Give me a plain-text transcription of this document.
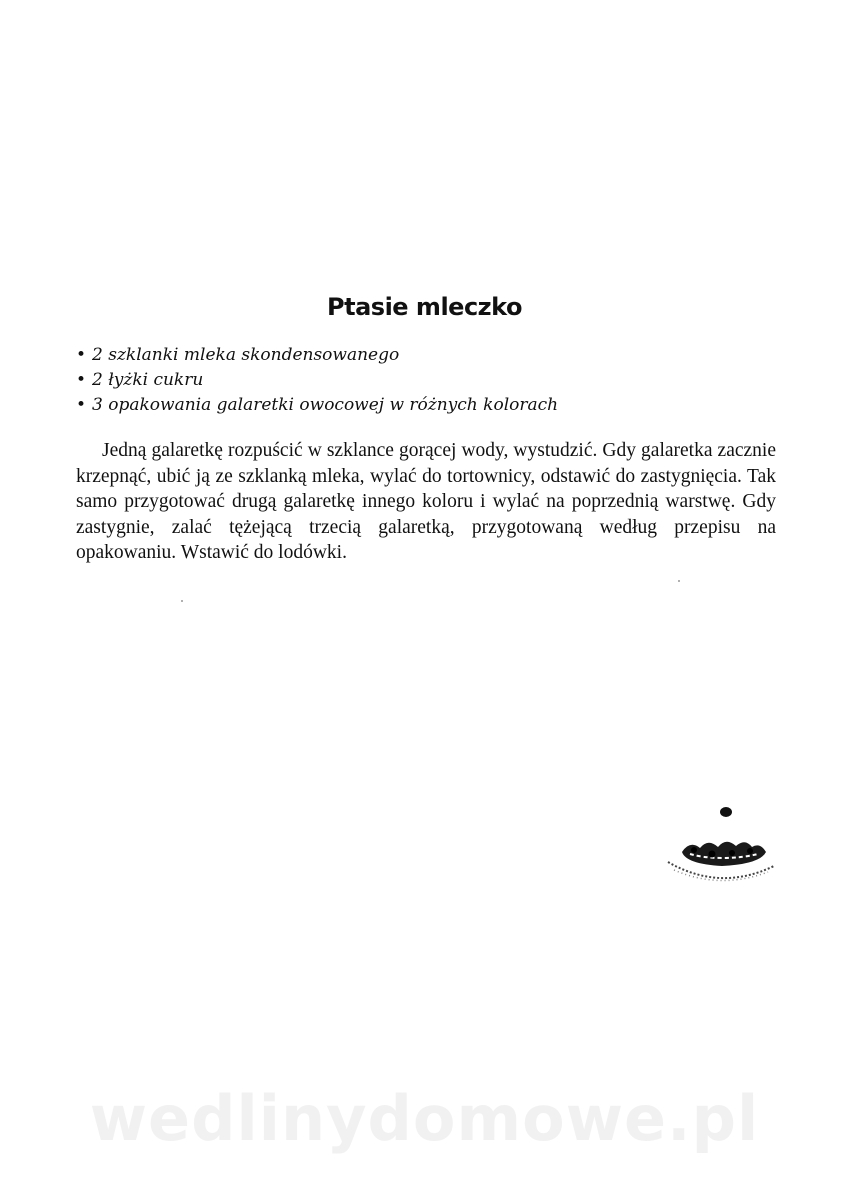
Ptasie mleczko
• 2 szklanki mleka skondensowanego
• 2 łyżki cukru
• 3 opakowania galaretki owocowej w różnych kolorach

Jedną galaretkę rozpuścić w szklance gorącej wody, wystudzić. Gdy galaretka zacznie krzepnąć, ubić ją ze szklanką mleka, wylać do tortownicy, odstawić do zastygnięcia. Tak samo przygotować drugą galaretkę innego koloru i wylać na poprzednią warstwę. Gdy zastygnie, zalać tężejącą trzecią galaretką, przygotowaną według przepisu na opakowaniu. Wstawić do lodówki.

wedlinydomowe.pl
